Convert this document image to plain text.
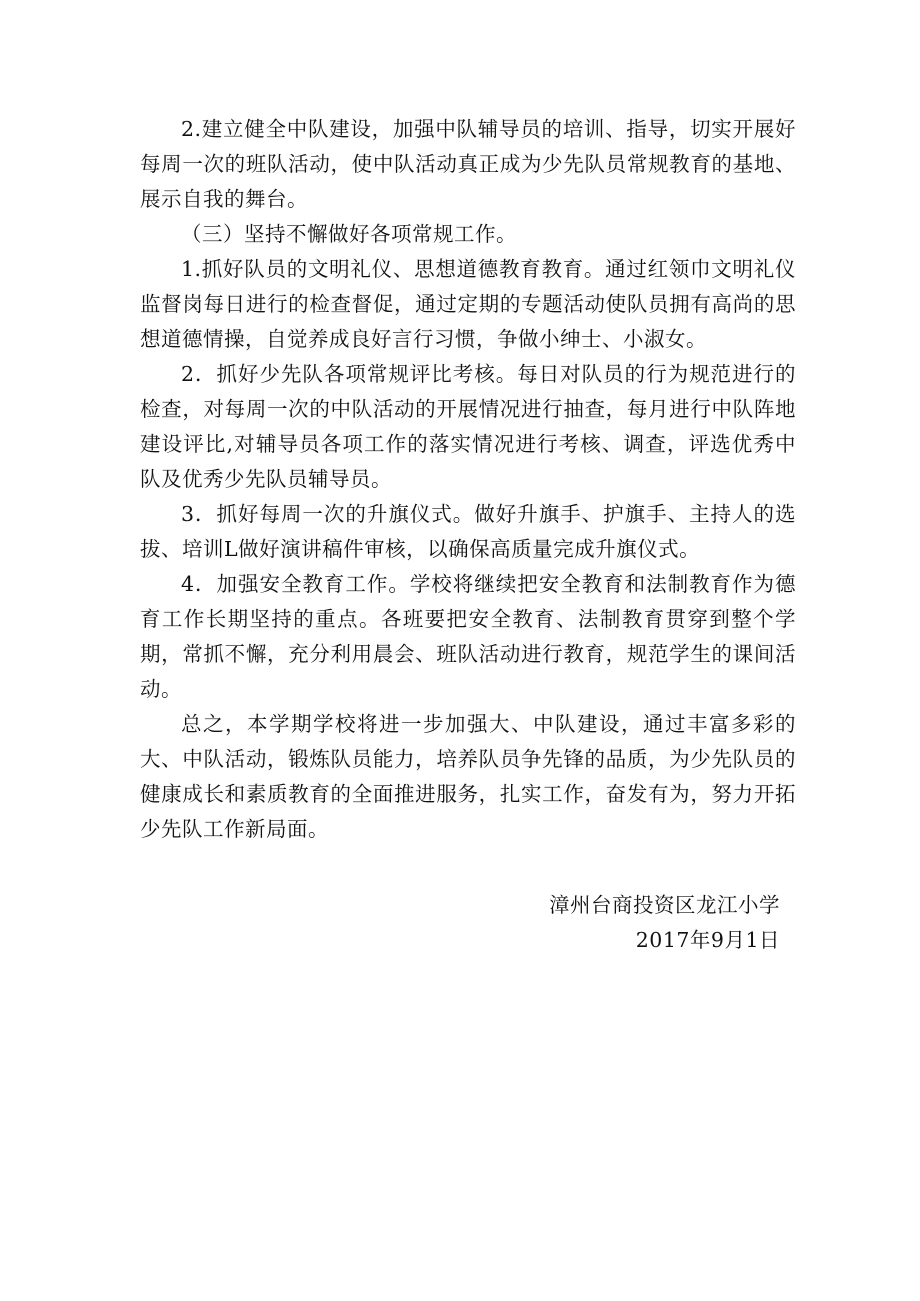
2.建立健全中队建设，加强中队辅导员的培训、指导，切实开展好每周一次的班队活动，使中队活动真正成为少先队员常规教育的基地、展示自我的舞台。

（三）坚持不懈做好各项常规工作。

1.抓好队员的文明礼仪、思想道德教育教育。通过红领巾文明礼仪监督岗每日进行的检查督促，通过定期的专题活动使队员拥有高尚的思想道德情操，自觉养成良好言行习惯，争做小绅士、小淑女。

2．抓好少先队各项常规评比考核。每日对队员的行为规范进行的检查，对每周一次的中队活动的开展情况进行抽查，每月进行中队阵地建设评比,对辅导员各项工作的落实情况进行考核、调查，评选优秀中队及优秀少先队员辅导员。

3．抓好每周一次的升旗仪式。做好升旗手、护旗手、主持人的选拔、培训L做好演讲稿件审核，以确保高质量完成升旗仪式。

4．加强安全教育工作。学校将继续把安全教育和法制教育作为德育工作长期坚持的重点。各班要把安全教育、法制教育贯穿到整个学期，常抓不懈，充分利用晨会、班队活动进行教育，规范学生的课间活动。

总之，本学期学校将进一步加强大、中队建设，通过丰富多彩的大、中队活动，锻炼队员能力，培养队员争先锋的品质，为少先队员的健康成长和素质教育的全面推进服务，扎实工作，奋发有为，努力开拓少先队工作新局面。

漳州台商投资区龙江小学
2017年9月1日
